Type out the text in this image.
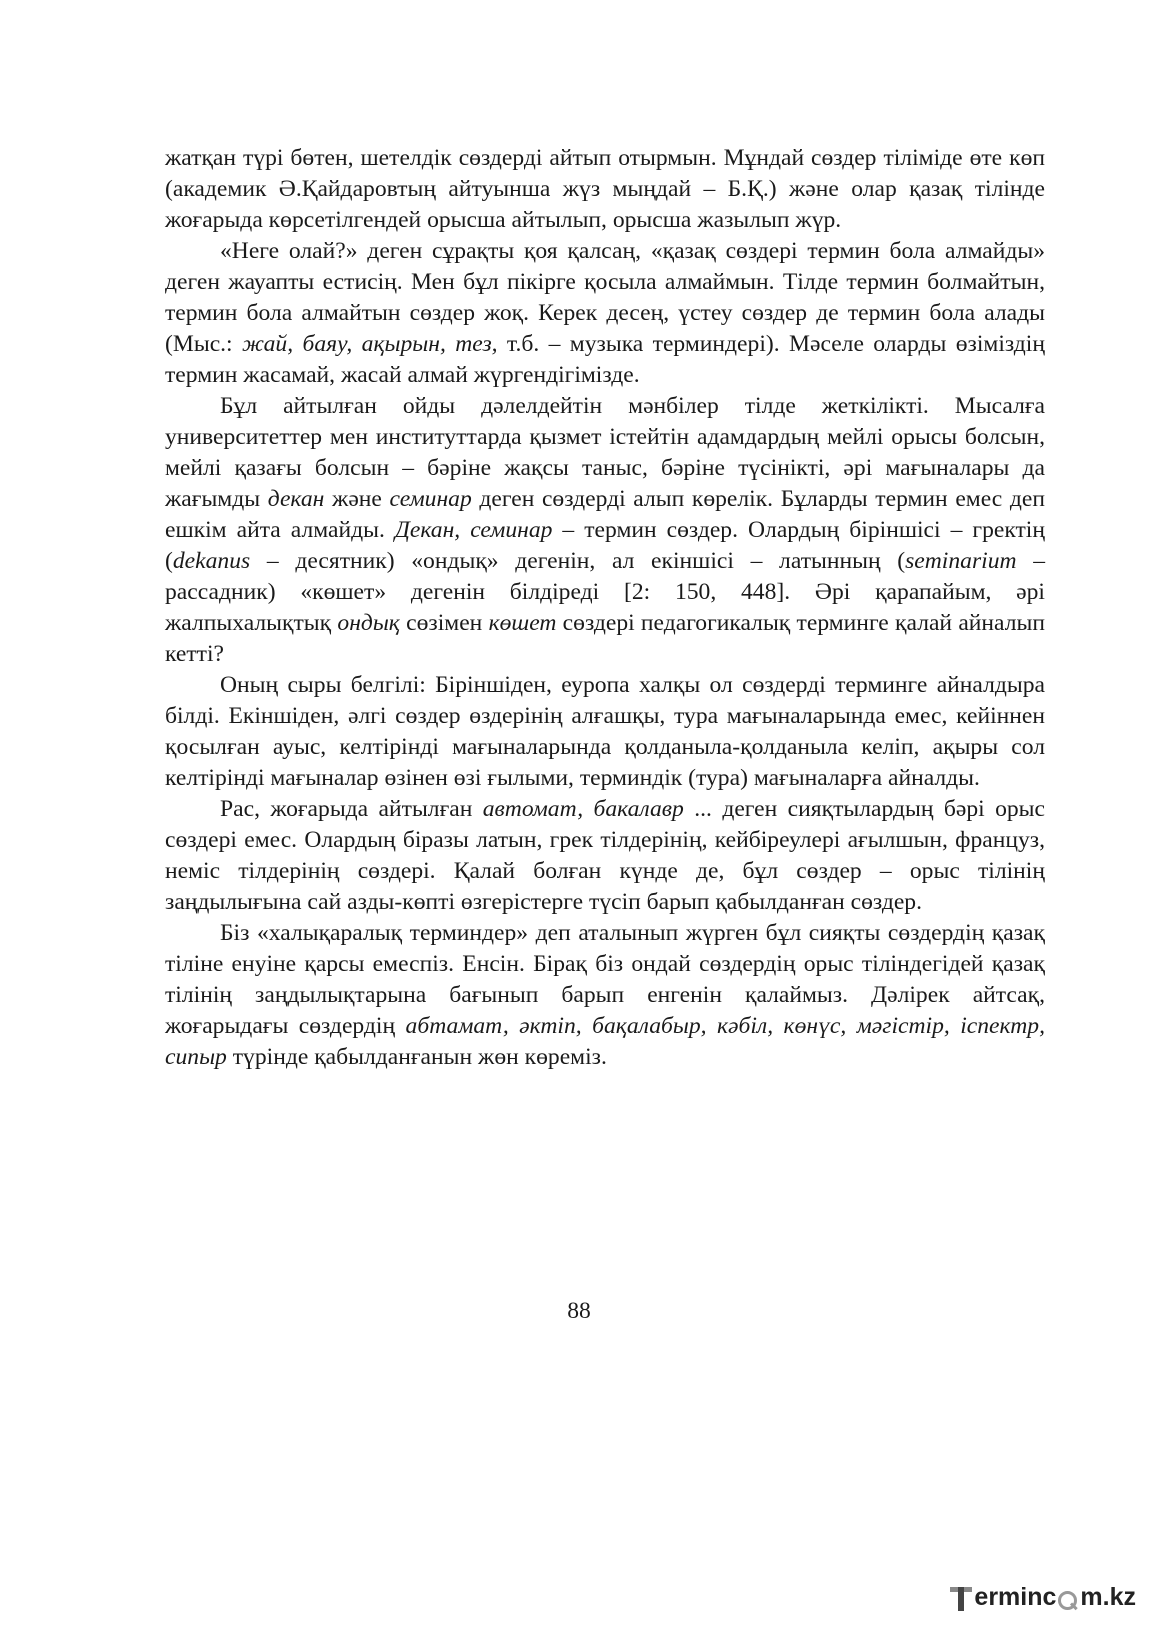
жатқан түрі бөтен, шетелдік сөздерді айтып отырмын. Мұндай сөздер тіліміде өте көп (академик Ә.Қайдаровтың айтуынша жүз мыңдай – Б.Қ.) және олар қазақ тілінде жоғарыда көрсетілгендей орысша айтылып, орысша жазылып жүр.

«Неге олай?» деген сұрақты қоя қалсаң, «қазақ сөздері термин бола алмайды» деген жауапты естисің. Мен бұл пікірге қосыла алмаймын. Тілде термин болмайтын, термин бола алмайтын сөздер жоқ. Керек десең, үстеу сөздер де термин бола алады (Мыс.: жай, баяу, ақырын, тез, т.б. – музыка терминдері). Мәселе оларды өзіміздің термин жасамай, жасай алмай жүргендігімізде.

Бұл айтылған ойды дәлелдейтін мәнбілер тілде жеткілікті. Мысалға университеттер мен институттарда қызмет істейтін адамдардың мейлі орысы болсын, мейлі қазағы болсын – бәріне жақсы таныс, бәріне түсінікті, әрі мағыналары да жағымды декан және семинар деген сөздерді алып көрелік. Бұларды термин емес деп ешкім айта алмайды. Декан, семинар – термин сөздер. Олардың біріншісі – гректің (dekanus – десятник) «ондық» дегенін, ал екіншісі – латынның (seminarium – рассадник) «көшет» дегенін білдіреді [2: 150, 448]. Әрі қарапайым, әрі жалпыхалықтық ондық сөзімен көшет сөздері педагогикалық терминге қалай айналып кетті?

Оның сыры белгілі: Біріншіден, еуропа халқы ол сөздерді терминге айналдыра білді. Екіншіден, әлгі сөздер өздерінің алғашқы, тура мағыналарында емес, кейіннен қосылған ауыс, келтірінді мағыналарында қолданыла-қолданыла келіп, ақыры сол келтірінді мағыналар өзінен өзі ғылыми, терминдік (тура) мағыналарға айналды.

Рас, жоғарыда айтылған автомат, бакалавр ... деген сияқтылардың бәрі орыс сөздері емес. Олардың біразы латын, грек тілдерінің, кейбіреулері ағылшын, француз, неміс тілдерінің сөздері. Қалай болған күнде де, бұл сөздер – орыс тілінің заңдылығына сай азды-көпті өзгерістерге түсіп барып қабылданған сөздер.

Біз «халықаралық терминдер» деп аталынып жүрген бұл сияқты сөздердің қазақ тіліне енуіне қарсы емеспіз. Енсін. Бірақ біз ондай сөздердің орыс тіліндегідей қазақ тілінің заңдылықтарына бағынып барып енгенін қалаймыз. Дәлірек айтсақ, жоғарыдағы сөздердің абтамат, әктіп, бақалабыр, кәбіл, көнүс, мәгістір, іспектр, сипыр түрінде қабылданғанын жөн көреміз.

88
erminc m.kz
